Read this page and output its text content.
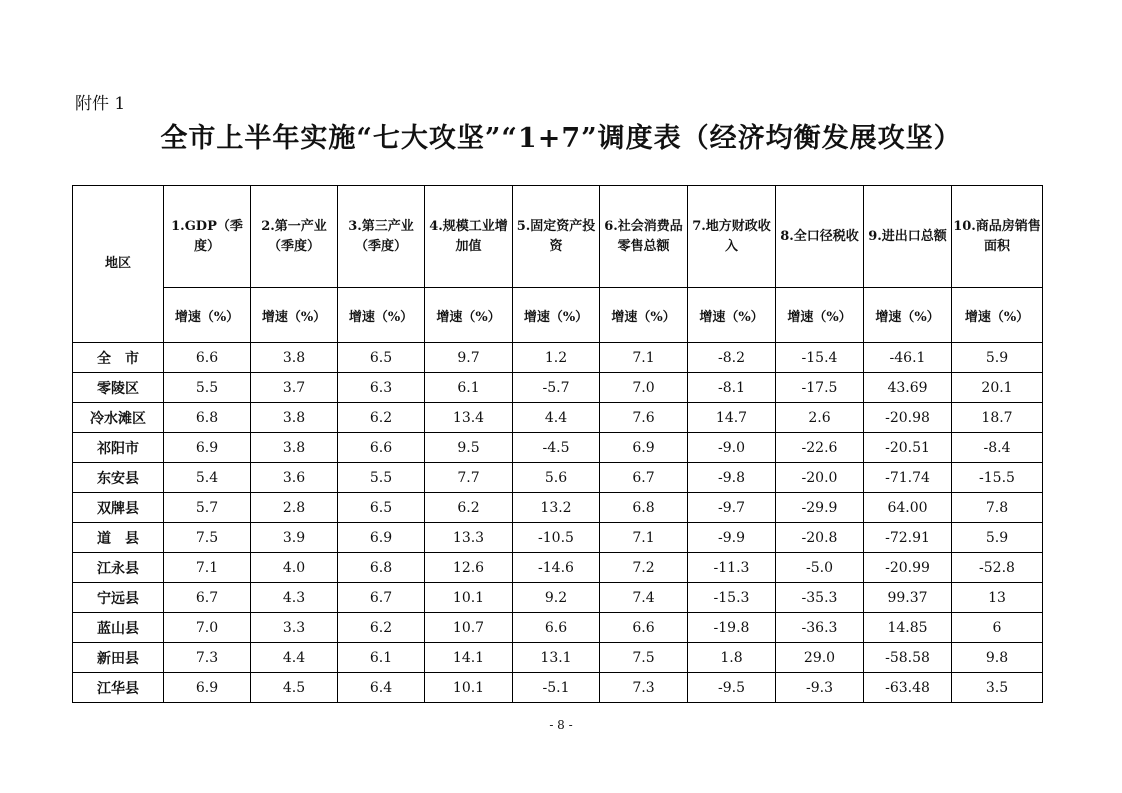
附件 1
全市上半年实施“七大攻坚”“1+7”调度表（经济均衡发展攻坚）
地区	1.GDP（季度）	2.第一产业（季度）	3.第三产业（季度）	4.规模工业增加值	5.固定资产投资	6.社会消费品零售总额	7.地方财政收入	8.全口径税收	9.进出口总额	10.商品房销售面积
	增速（%）	增速（%）	增速（%）	增速（%）	增速（%）	增速（%）	增速（%）	增速（%）	增速（%）	增速（%）
全　市	6.6	3.8	6.5	9.7	1.2	7.1	-8.2	-15.4	-46.1	5.9
零陵区	5.5	3.7	6.3	6.1	-5.7	7.0	-8.1	-17.5	43.69	20.1
冷水滩区	6.8	3.8	6.2	13.4	4.4	7.6	14.7	2.6	-20.98	18.7
祁阳市	6.9	3.8	6.6	9.5	-4.5	6.9	-9.0	-22.6	-20.51	-8.4
东安县	5.4	3.6	5.5	7.7	5.6	6.7	-9.8	-20.0	-71.74	-15.5
双牌县	5.7	2.8	6.5	6.2	13.2	6.8	-9.7	-29.9	64.00	7.8
道　县	7.5	3.9	6.9	13.3	-10.5	7.1	-9.9	-20.8	-72.91	5.9
江永县	7.1	4.0	6.8	12.6	-14.6	7.2	-11.3	-5.0	-20.99	-52.8
宁远县	6.7	4.3	6.7	10.1	9.2	7.4	-15.3	-35.3	99.37	13
蓝山县	7.0	3.3	6.2	10.7	6.6	6.6	-19.8	-36.3	14.85	6
新田县	7.3	4.4	6.1	14.1	13.1	7.5	1.8	29.0	-58.58	9.8
江华县	6.9	4.5	6.4	10.1	-5.1	7.3	-9.5	-9.3	-63.48	3.5
- 8 -
